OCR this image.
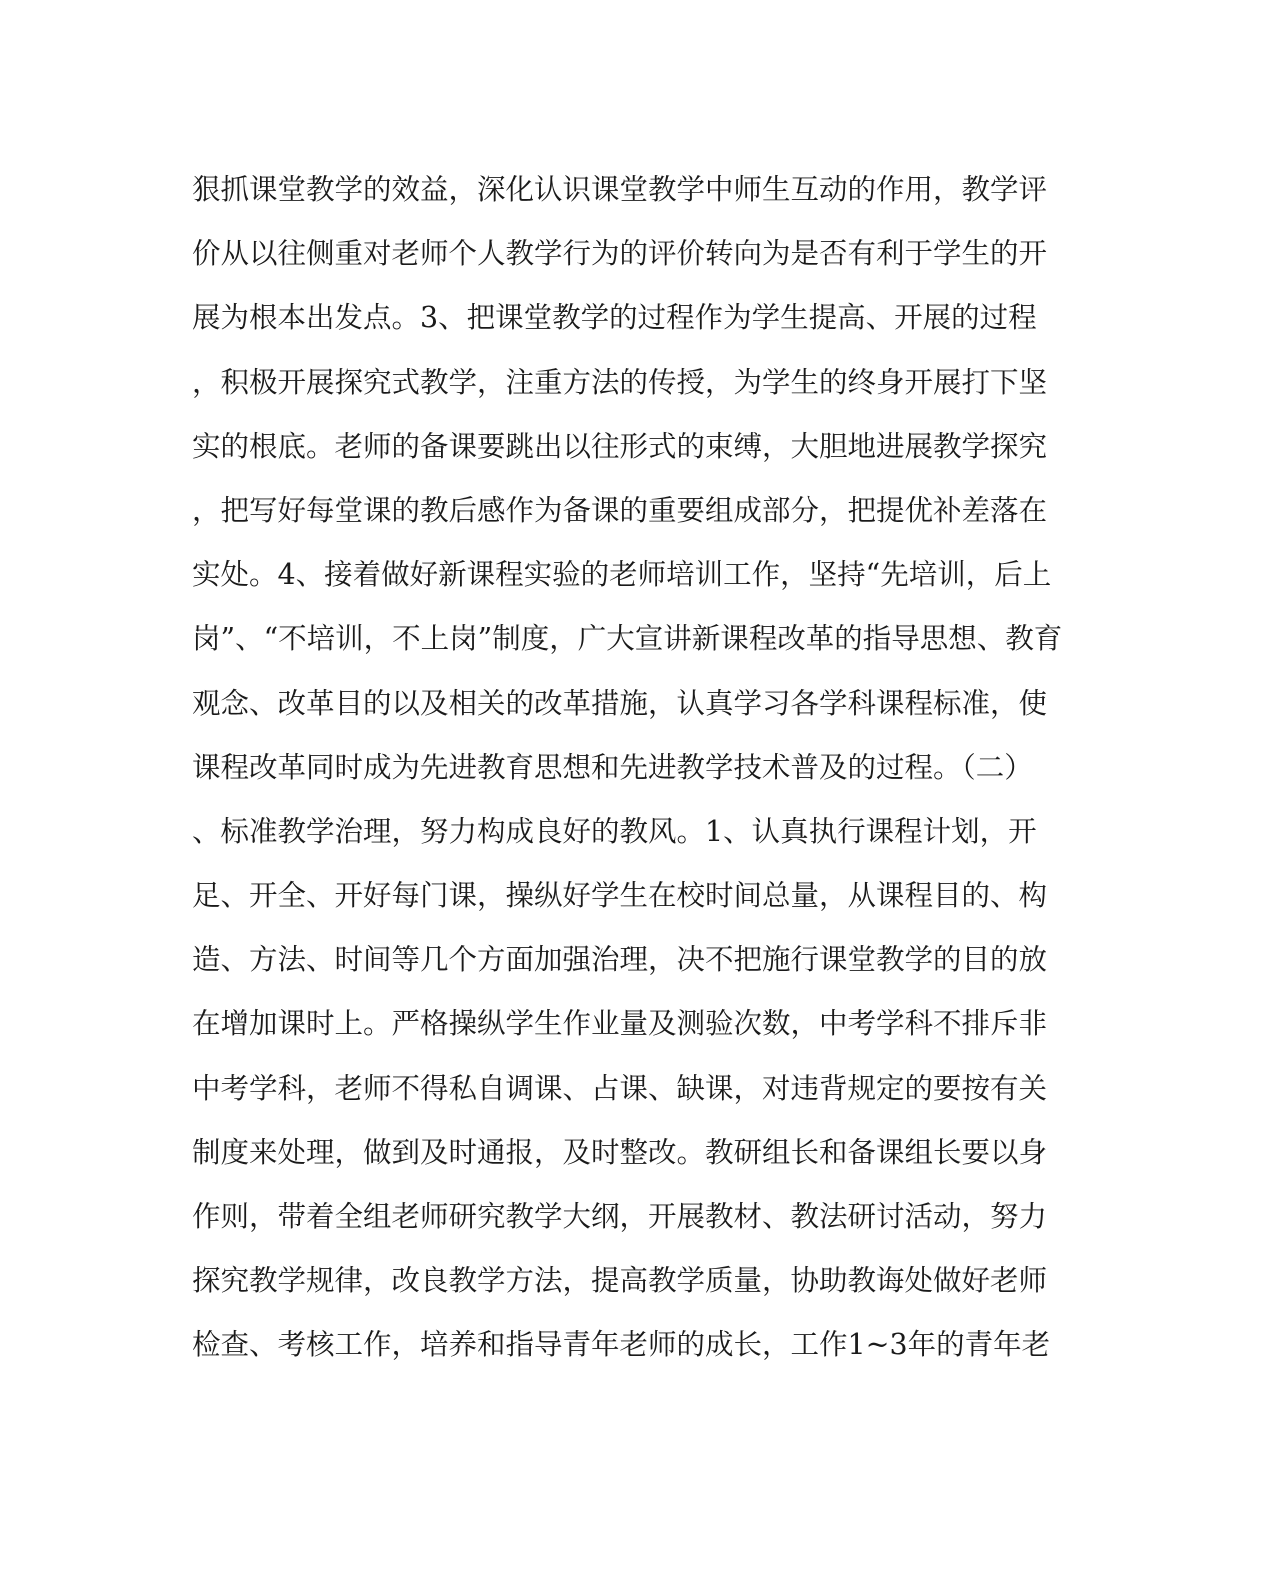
狠抓课堂教学的效益，深化认识课堂教学中师生互动的作用，教学评
价从以往侧重对老师个人教学行为的评价转向为是否有利于学生的开
展为根本出发点。3、把课堂教学的过程作为学生提高、开展的过程
，积极开展探究式教学，注重方法的传授，为学生的终身开展打下坚
实的根底。老师的备课要跳出以往形式的束缚，大胆地进展教学探究
，把写好每堂课的教后感作为备课的重要组成部分，把提优补差落在
实处。4、接着做好新课程实验的老师培训工作，坚持“先培训，后上
岗”、“不培训，不上岗”制度，广大宣讲新课程改革的指导思想、教育
观念、改革目的以及相关的改革措施，认真学习各学科课程标准，使
课程改革同时成为先进教育思想和先进教学技术普及的过程。（二）
、标准教学治理，努力构成良好的教风。1、认真执行课程计划，开
足、开全、开好每门课，操纵好学生在校时间总量，从课程目的、构
造、方法、时间等几个方面加强治理，决不把施行课堂教学的目的放
在增加课时上。严格操纵学生作业量及测验次数，中考学科不排斥非
中考学科，老师不得私自调课、占课、缺课，对违背规定的要按有关
制度来处理，做到及时通报，及时整改。教研组长和备课组长要以身
作则，带着全组老师研究教学大纲，开展教材、教法研讨活动，努力
探究教学规律，改良教学方法，提高教学质量，协助教诲处做好老师
检查、考核工作，培养和指导青年老师的成长，工作1~3年的青年老
